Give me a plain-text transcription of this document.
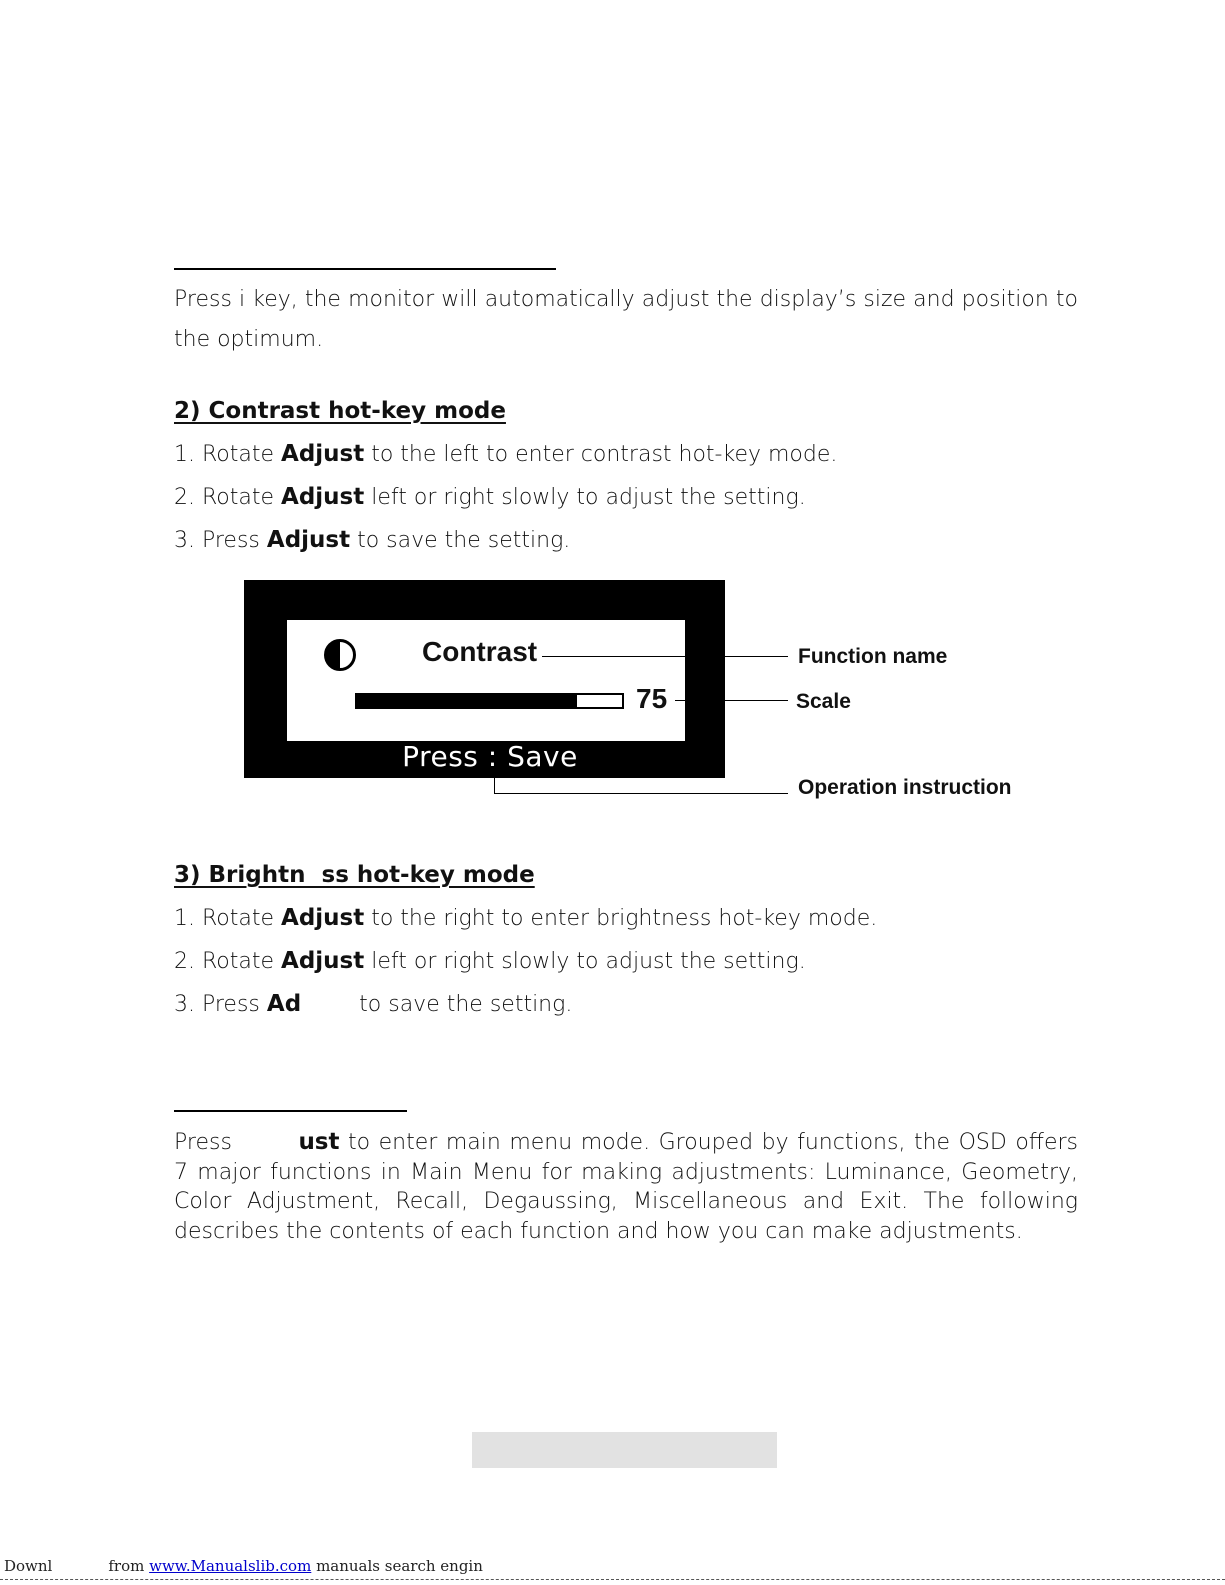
Press i key, the monitor will automatically adjust the display’s size and position to the optimum.

2) Contrast hot-key mode

1. Rotate Adjust to the left to enter contrast hot-key mode.

2. Rotate Adjust left or right slowly to adjust the setting.

3. Press Adjust to save the setting.

Contrast
75
Press : Save
Function name
Scale
Operation instruction
3) Brightn  ss hot-key mode

1. Rotate Adjust to the right to enter brightness hot-key mode.

2. Rotate Adjust left or right slowly to adjust the setting.

3. Press Ad	to save the setting.

Press	ust to enter main menu mode. Grouped by functions, the OSD offers 7 major functions in Main Menu for making adjustments: Luminance, Geometry, Color Adjustment, Recall, Degaussing, Miscellaneous and Exit. The following describes the contents of each function and how you can make adjustments.

Downl	from www.Manualslib.com manuals search engin
